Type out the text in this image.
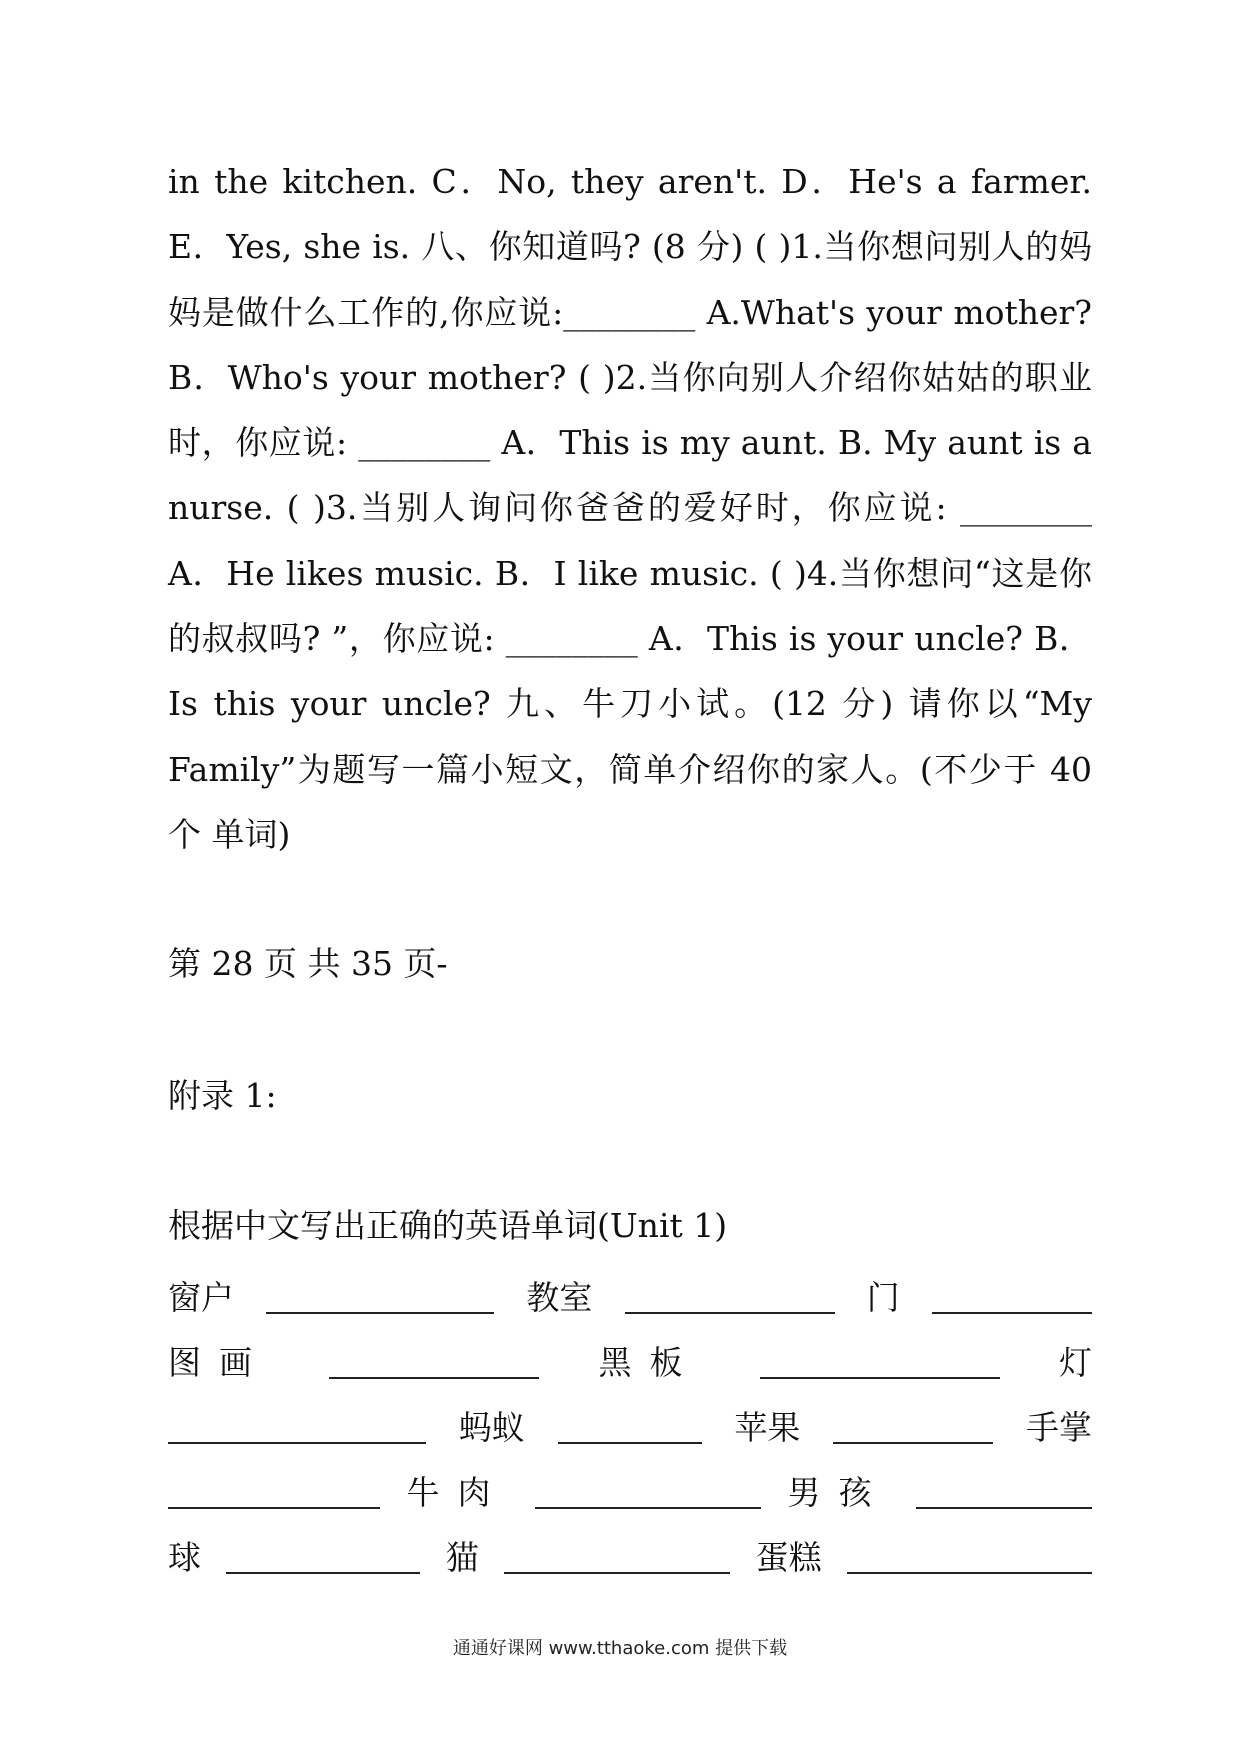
in the kitchen. C．No, they aren't. D．He's a farmer. E．Yes, she is. 八、你知道吗? (8 分) ( )1.当你想问别人的妈妈是做什么工作的,你应说:________ A.What's your mother? B．Who's your mother? ( )2.当你向别人介绍你姑姑的职业时，你应说: ________ A．This is my aunt. B. My aunt is a nurse. ( )3.当别人询问你爸爸的爱好时，你应说: ________ A．He likes music. B．I like music. ( )4.当你想问“这是你的叔叔吗? ”，你应说: ________ A．This is your uncle? B．Is this your uncle? 九、牛刀小试。(12 分) 请你以“My Family”为题写一篇小短文，简单介绍你的家人。(不少于 40 个 单词)

第 28 页 共 35 页-

附录 1:

根据中文写出正确的英语单词(Unit 1)

窗户	教室	门
图画	黑板	灯
蚂蚁	苹果	手掌
牛肉	男孩
球	猫	蛋糕
通通好课网 www.tthaoke.com 提供下载
